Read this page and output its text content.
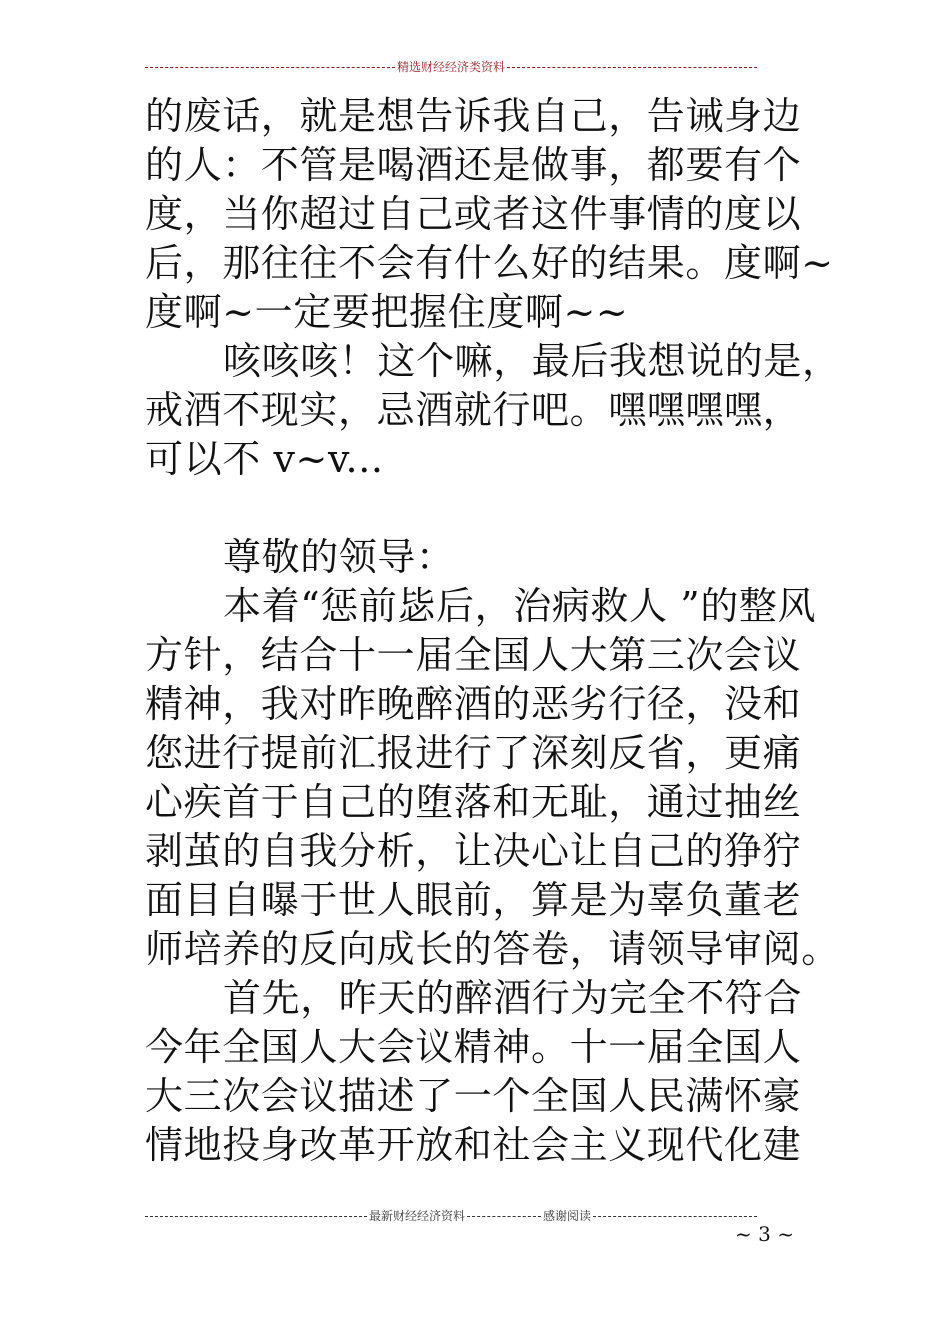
精选财经经济类资料
的废话，就是想告诉我自己，告诫身边
的人：不管是喝酒还是做事，都要有个
度，当你超过自己或者这件事情的度以
后，那往往不会有什么好的结果。度啊~
度啊~一定要把握住度啊~~
咳咳咳！这个嘛，最后我想说的是，
戒酒不现实，忌酒就行吧。嘿嘿嘿嘿，
可以不 v~v...
尊敬的领导：
本着“惩前毖后，治病救人 ”的整风
方针，结合十一届全国人大第三次会议
精神，我对昨晚醉酒的恶劣行径，没和
您进行提前汇报进行了深刻反省，更痛
心疾首于自己的堕落和无耻，通过抽丝
剥茧的自我分析，让决心让自己的狰狞
面目自曝于世人眼前，算是为辜负董老
师培养的反向成长的答卷，请领导审阅。
首先，昨天的醉酒行为完全不符合
今年全国人大会议精神。十一届全国人
大三次会议描述了一个全国人民满怀豪
情地投身改革开放和社会主义现代化建
最新财经经济资料	感谢阅读
~ 3 ~
